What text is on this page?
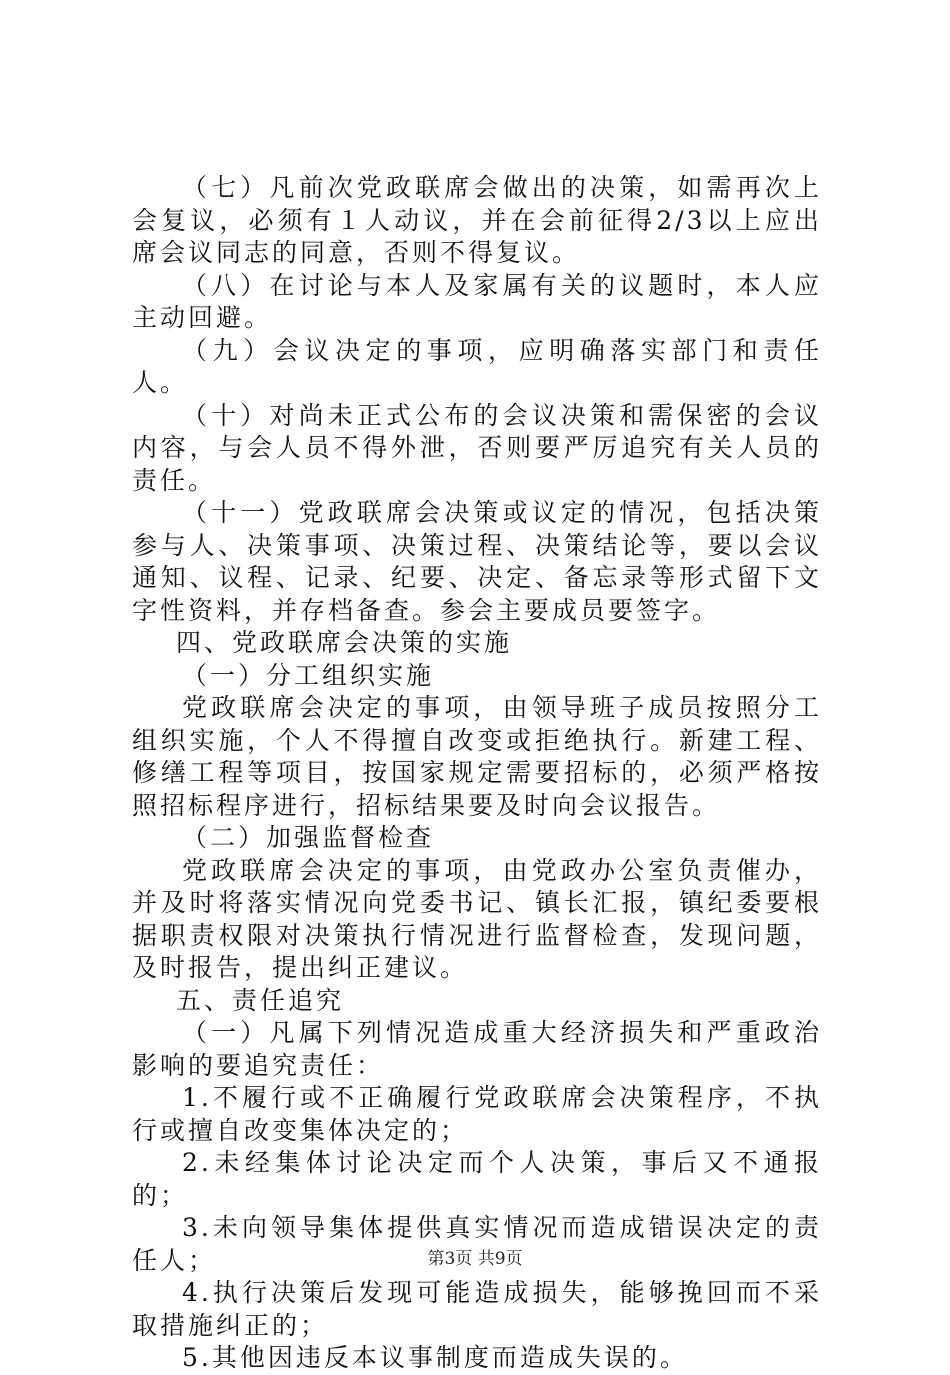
（七）凡前次党政联席会做出的决策，如需再次上会复议，必须有１人动议，并在会前征得2/3以上应出席会议同志的同意，否则不得复议。

（八）在讨论与本人及家属有关的议题时，本人应主动回避。

（九）会议决定的事项，应明确落实部门和责任人。

（十）对尚未正式公布的会议决策和需保密的会议内容，与会人员不得外泄，否则要严厉追究有关人员的责任。

（十一）党政联席会决策或议定的情况，包括决策参与人、决策事项、决策过程、决策结论等，要以会议通知、议程、记录、纪要、决定、备忘录等形式留下文字性资料，并存档备查。参会主要成员要签字。

四、党政联席会决策的实施

（一）分工组织实施

党政联席会决定的事项，由领导班子成员按照分工组织实施，个人不得擅自改变或拒绝执行。新建工程、修缮工程等项目，按国家规定需要招标的，必须严格按照招标程序进行，招标结果要及时向会议报告。

（二）加强监督检查

党政联席会决定的事项，由党政办公室负责催办，并及时将落实情况向党委书记、镇长汇报，镇纪委要根据职责权限对决策执行情况进行监督检查，发现问题，及时报告，提出纠正建议。

五、责任追究

（一）凡属下列情况造成重大经济损失和严重政治影响的要追究责任：

1.不履行或不正确履行党政联席会决策程序，不执行或擅自改变集体决定的；

2.未经集体讨论决定而个人决策，事后又不通报的；

3.未向领导集体提供真实情况而造成错误决定的责任人；

4.执行决策后发现可能造成损失，能够挽回而不采取措施纠正的；

5.其他因违反本议事制度而造成失误的。

第3页 共9页
